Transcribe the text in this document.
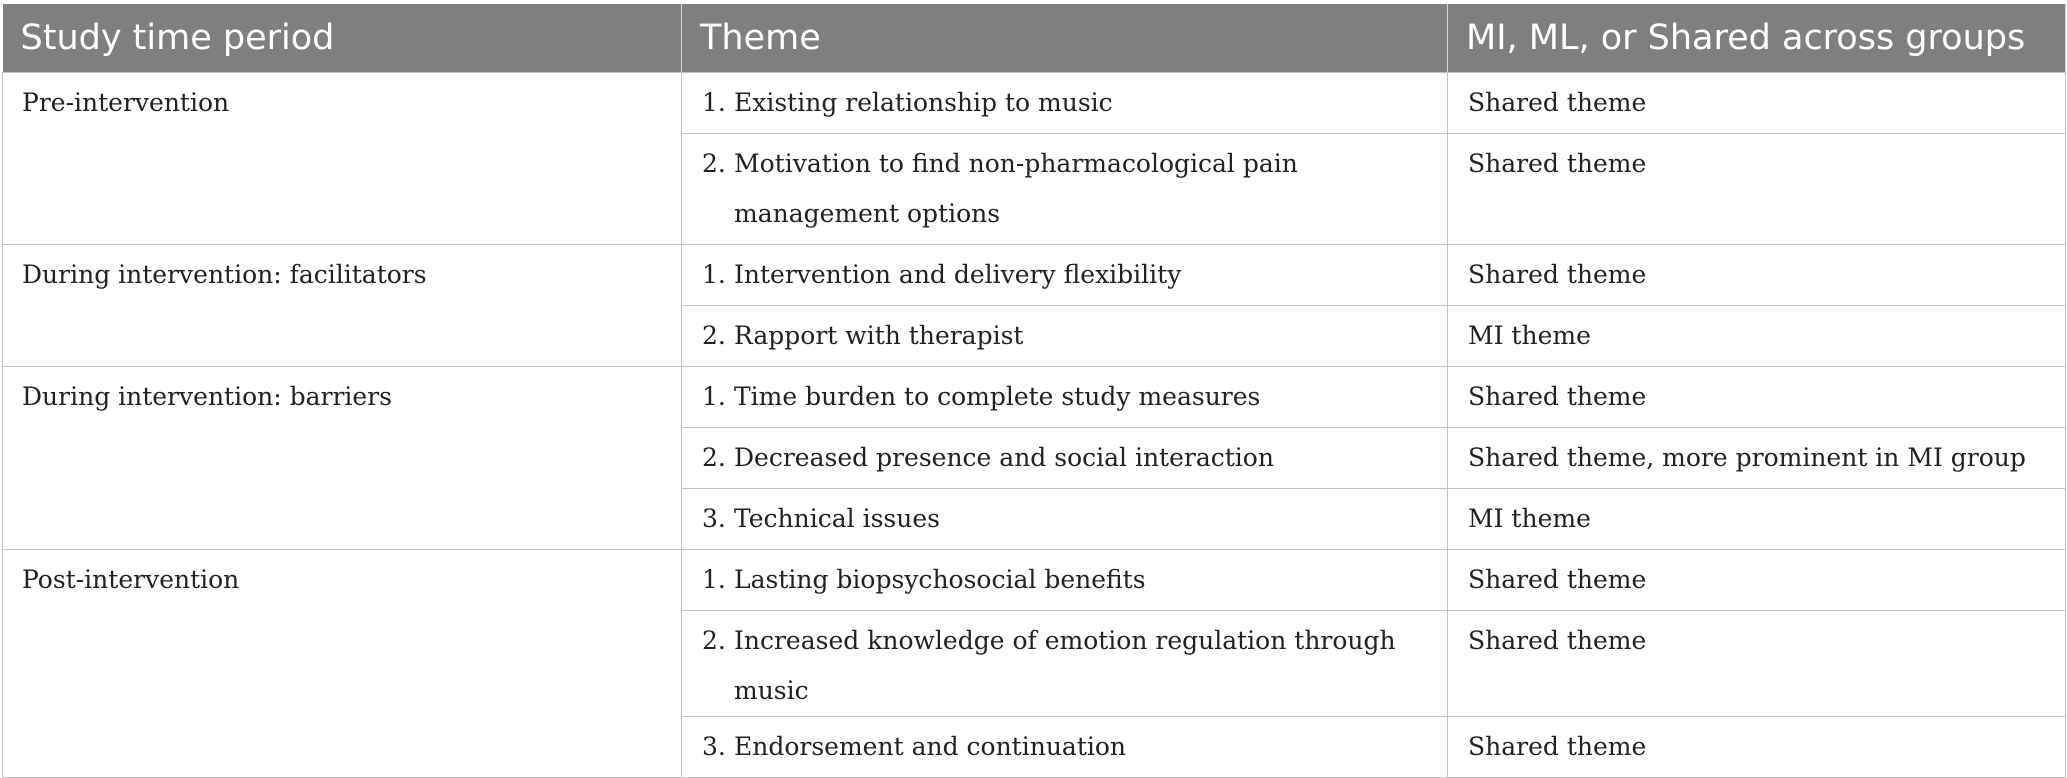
Study time period	Theme	MI, ML, or Shared across groups

Pre-intervention	1. Existing relationship to music	Shared theme

	2. Motivation to find non-pharmacological pain management options	Shared theme

During intervention: facilitators	1. Intervention and delivery flexibility	Shared theme

	2. Rapport with therapist	MI theme

During intervention: barriers	1. Time burden to complete study measures	Shared theme

	2. Decreased presence and social interaction	Shared theme, more prominent in MI group

	3. Technical issues	MI theme

Post-intervention	1. Lasting biopsychosocial benefits	Shared theme

	2. Increased knowledge of emotion regulation through music	Shared theme

	3. Endorsement and continuation	Shared theme
